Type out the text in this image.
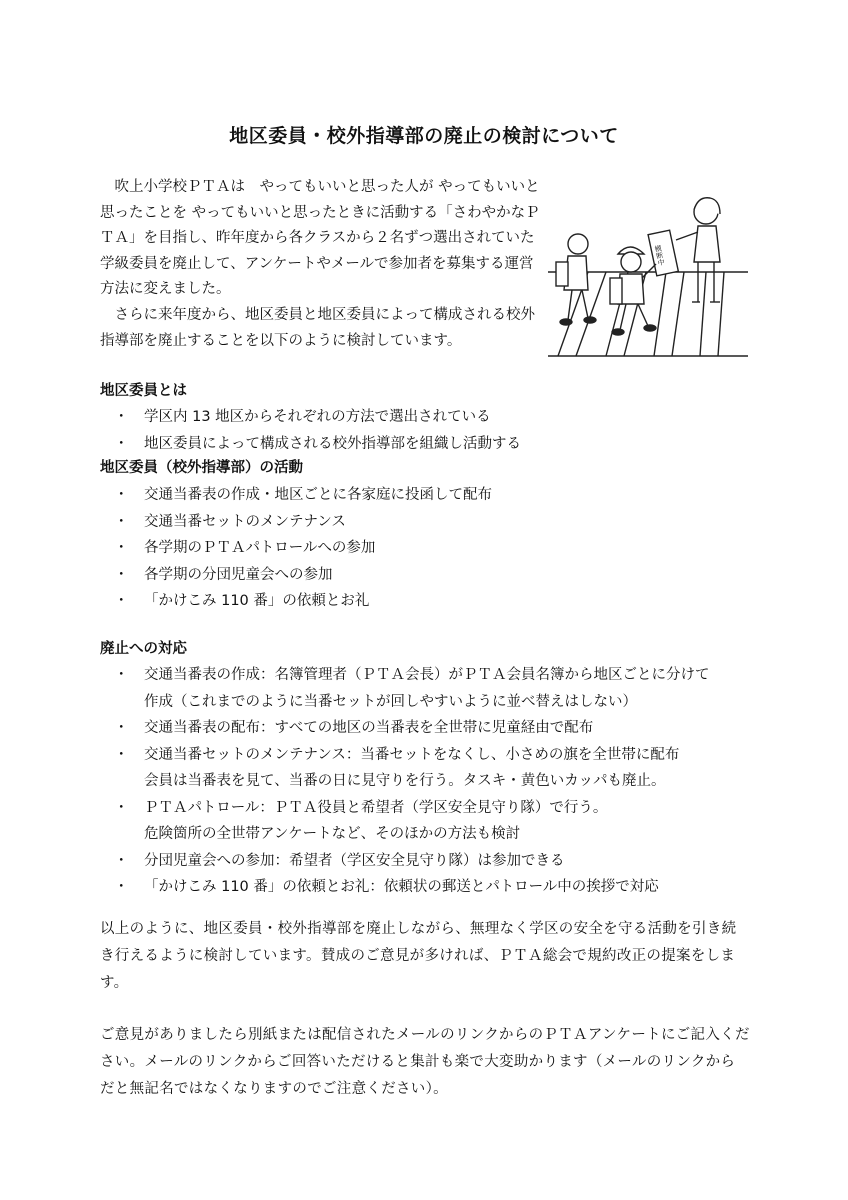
地区委員・校外指導部の廃止の検討について

　吹上小学校ＰＴＡは　やってもいいと思った人が やってもいいと思ったことを やってもいいと思ったときに活動する「さわやかなＰＴＡ」を目指し、昨年度から各クラスから２名ずつ選出されていた学級委員を廃止して、アンケートやメールで参加者を募集する運営方法に変えました。

　さらに来年度から、地区委員と地区委員によって構成される校外指導部を廃止することを以下のように検討しています。

横断中
地区委員とは
・ 学区内 13 地区からそれぞれの方法で選出されている
・ 地区委員によって構成される校外指導部を組織し活動する
地区委員（校外指導部）の活動
・ 交通当番表の作成・地区ごとに各家庭に投函して配布
・ 交通当番セットのメンテナンス
・ 各学期のＰＴＡパトロールへの参加
・ 各学期の分団児童会への参加
・ 「かけこみ 110 番」の依頼とお礼
廃止への対応
・ 交通当番表の作成：名簿管理者（ＰＴＡ会長）がＰＴＡ会員名簿から地区ごとに分けて
作成（これまでのように当番セットが回しやすいように並べ替えはしない）
・ 交通当番表の配布：すべての地区の当番表を全世帯に児童経由で配布
・ 交通当番セットのメンテナンス：当番セットをなくし、小さめの旗を全世帯に配布
会員は当番表を見て、当番の日に見守りを行う。タスキ・黄色いカッパも廃止。
・ ＰＴＡパトロール：ＰＴＡ役員と希望者（学区安全見守り隊）で行う。
危険箇所の全世帯アンケートなど、そのほかの方法も検討
・ 分団児童会への参加：希望者（学区安全見守り隊）は参加できる
・ 「かけこみ 110 番」の依頼とお礼：依頼状の郵送とパトロール中の挨拶で対応
以上のように、地区委員・校外指導部を廃止しながら、無理なく学区の安全を守る活動を引き続き行えるように検討しています。賛成のご意見が多ければ、ＰＴＡ総会で規約改正の提案をします。
ご意見がありましたら別紙または配信されたメールのリンクからのＰＴＡアンケートにご記入ください。メールのリンクからご回答いただけると集計も楽で大変助かります（メールのリンクからだと無記名ではなくなりますのでご注意ください）。
